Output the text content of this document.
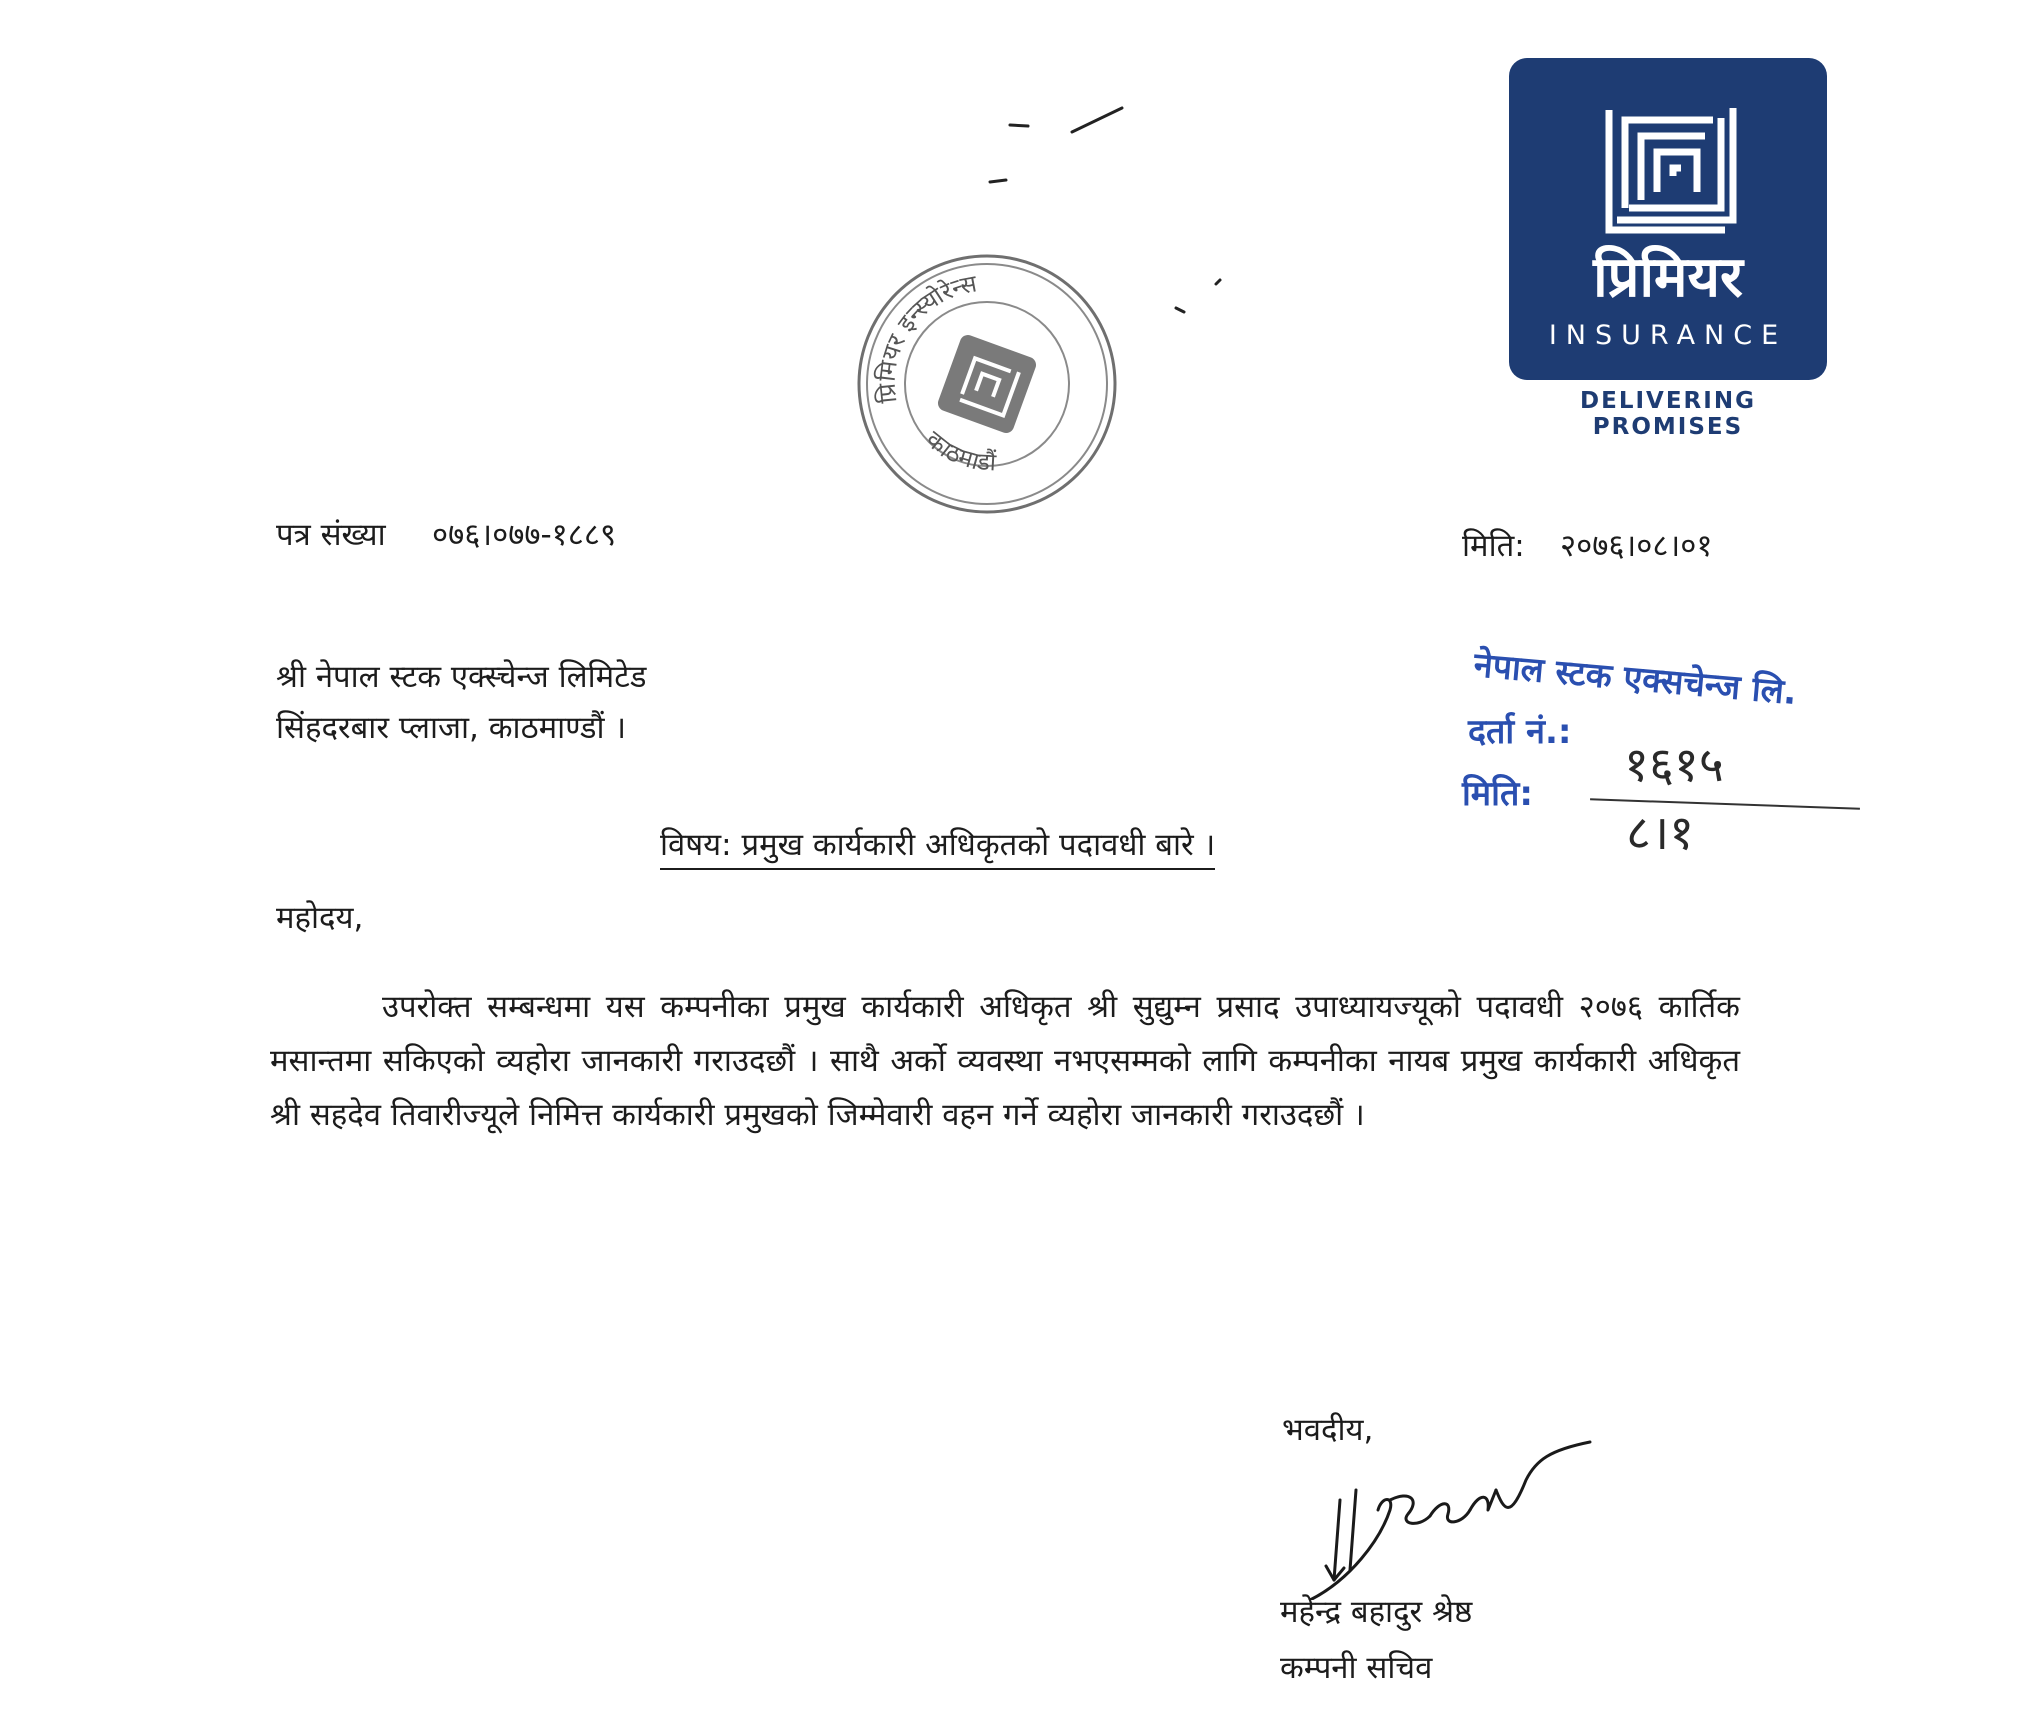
प्रिमियर
INSURANCE
DELIVERING PROMISES
प्रिमियर इन्स्योरेन्स
काठमाडौं
पत्र संख्या ०७६।०७७-१८८९	मिति: २०७६।०८।०१
श्री नेपाल स्टक एक्स्चेन्ज लिमिटेड
सिंहदरबार प्लाजा, काठमाण्डौं ।
नेपाल स्टक एक्सचेन्ज लि.
दर्ता नं.:
१६१५
मिति:
८।१
विषय: प्रमुख कार्यकारी अधिकृतको पदावधी बारे ।
महोदय,
उपरोक्त सम्बन्धमा यस कम्पनीका प्रमुख कार्यकारी अधिकृत श्री सुद्युम्न प्रसाद उपाध्यायज्यूको पदावधी २०७६ कार्तिक मसान्तमा सकिएको व्यहोरा जानकारी गराउदछौं । साथै अर्को व्यवस्था नभएसम्मको लागि कम्पनीका नायब प्रमुख कार्यकारी अधिकृत श्री सहदेव तिवारीज्यूले निमित्त कार्यकारी प्रमुखको जिम्मेवारी वहन गर्ने व्यहोरा जानकारी गराउदछौं ।
भवदीय,
महेन्द्र बहादुर श्रेष्ठ
कम्पनी सचिव
